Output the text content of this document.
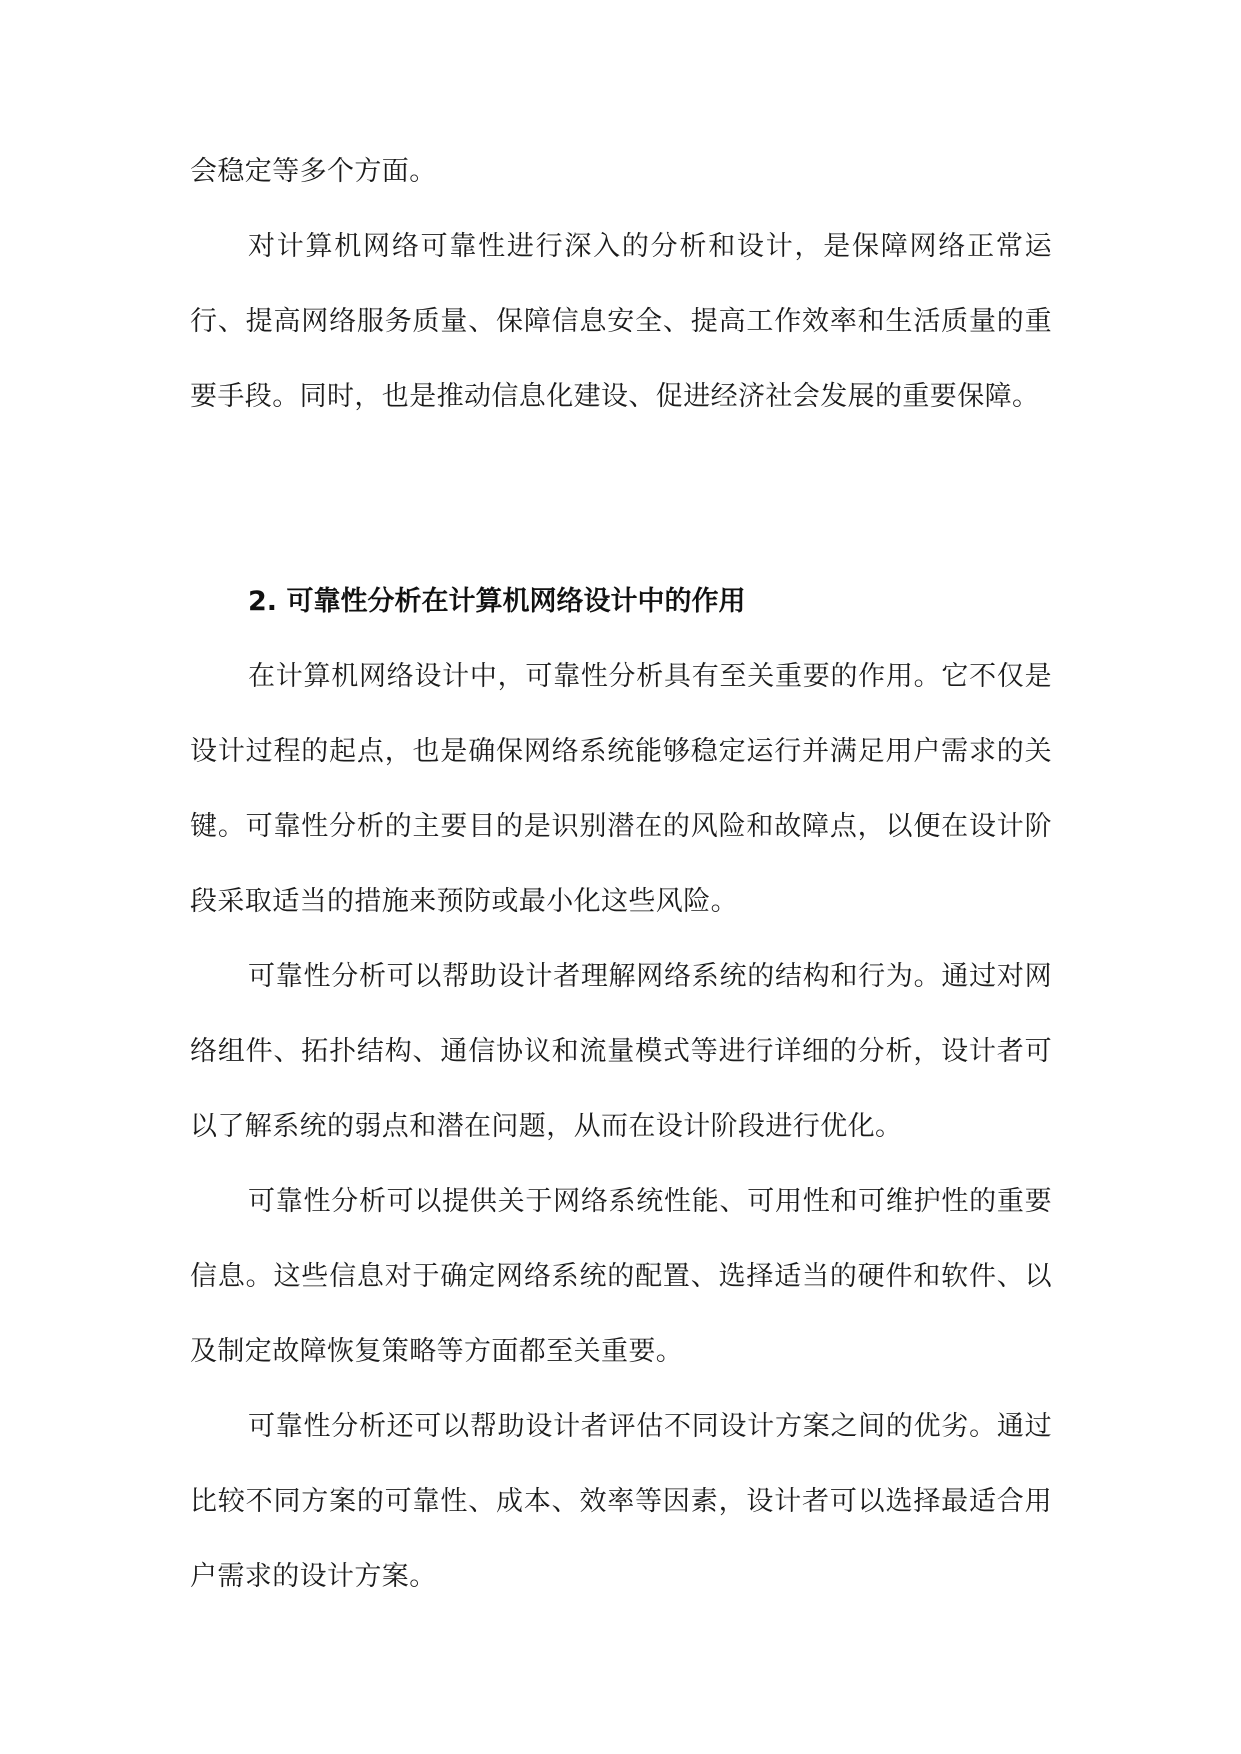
会稳定等多个方面。

对计算机网络可靠性进行深入的分析和设计，是保障网络正常运行、提高网络服务质量、保障信息安全、提高工作效率和生活质量的重要手段。同时，也是推动信息化建设、促进经济社会发展的重要保障。

2. 可靠性分析在计算机网络设计中的作用

在计算机网络设计中，可靠性分析具有至关重要的作用。它不仅是设计过程的起点，也是确保网络系统能够稳定运行并满足用户需求的关键。可靠性分析的主要目的是识别潜在的风险和故障点，以便在设计阶段采取适当的措施来预防或最小化这些风险。

可靠性分析可以帮助设计者理解网络系统的结构和行为。通过对网络组件、拓扑结构、通信协议和流量模式等进行详细的分析，设计者可以了解系统的弱点和潜在问题，从而在设计阶段进行优化。

可靠性分析可以提供关于网络系统性能、可用性和可维护性的重要信息。这些信息对于确定网络系统的配置、选择适当的硬件和软件、以及制定故障恢复策略等方面都至关重要。

可靠性分析还可以帮助设计者评估不同设计方案之间的优劣。通过比较不同方案的可靠性、成本、效率等因素，设计者可以选择最适合用户需求的设计方案。
